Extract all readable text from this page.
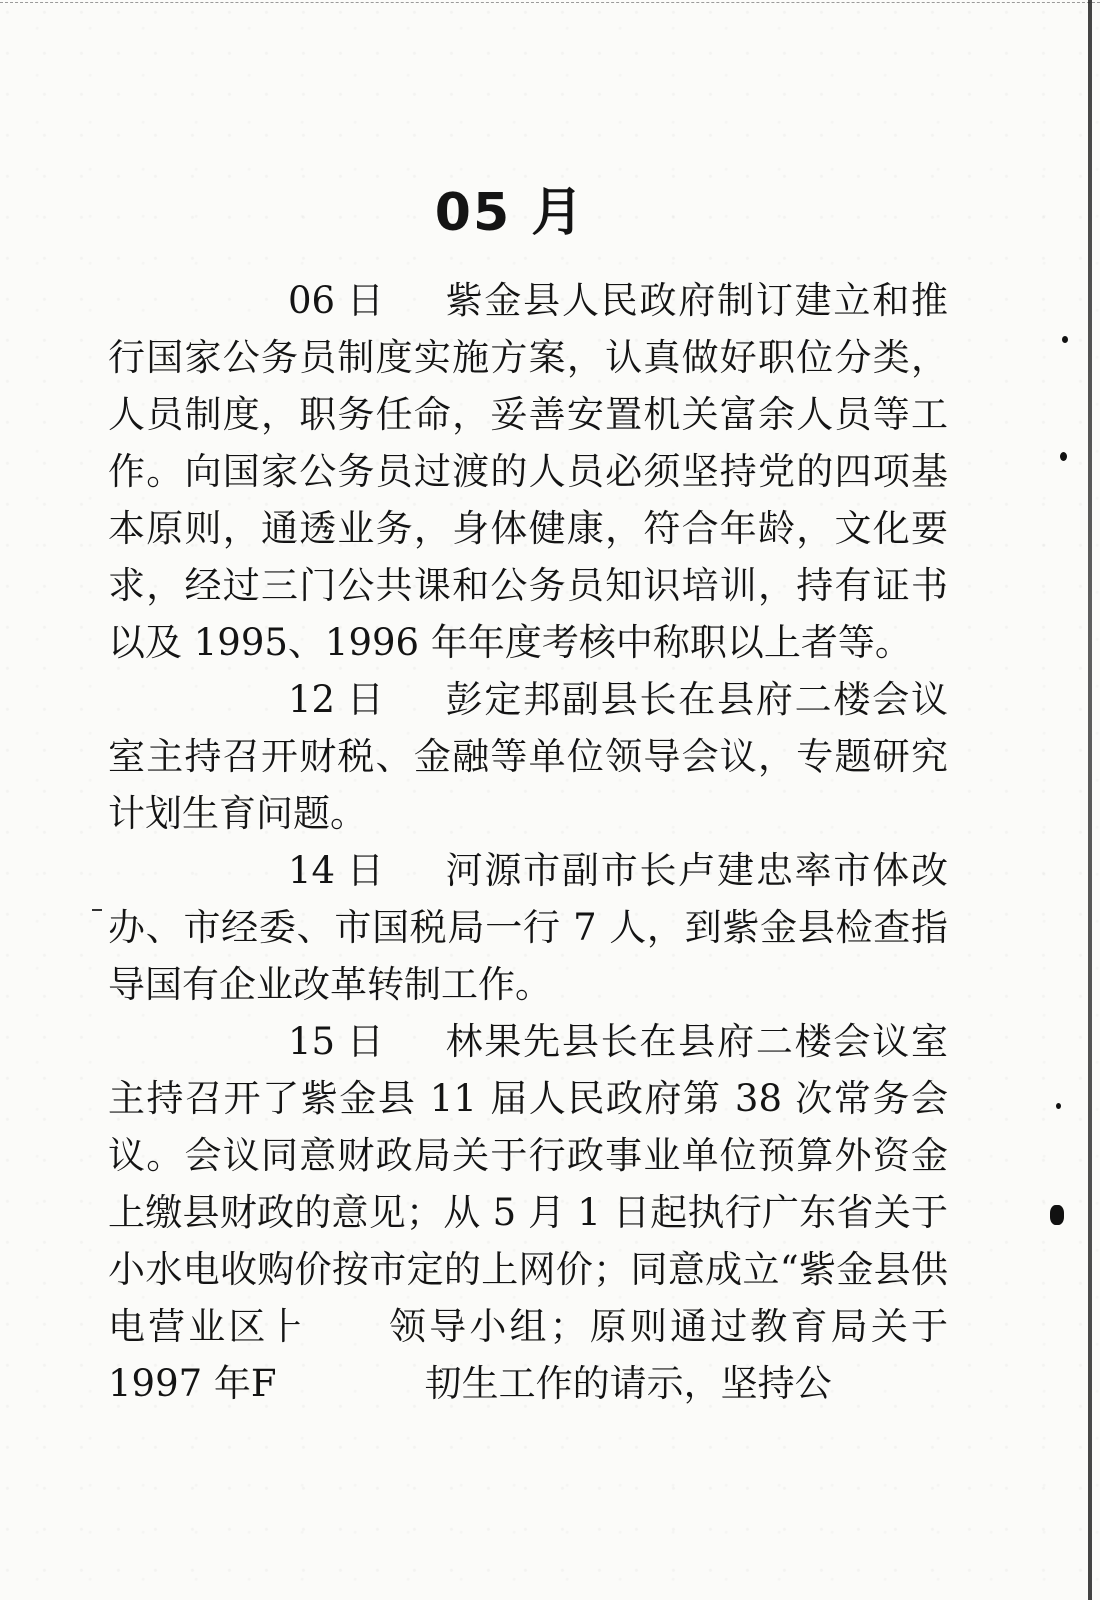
05 月

06 日 紫金县人民政府制订建立和推行国家公务员制度实施方案，认真做好职位分类，人员制度，职务任命，妥善安置机关富余人员等工作。向国家公务员过渡的人员必须坚持党的四项基本原则，通透业务，身体健康，符合年龄，文化要求，经过三门公共课和公务员知识培训，持有证书以及 1995、1996 年年度考核中称职以上者等。

12 日 彭定邦副县长在县府二楼会议室主持召开财税、金融等单位领导会议，专题研究计划生育问题。

14 日 河源市副市长卢建忠率市体改办、市经委、市国税局一行 7 人，到紫金县检查指导国有企业改革转制工作。

15 日 林果先县长在县府二楼会议室主持召开了紫金县 11 届人民政府第 38 次常务会议。会议同意财政局关于行政事业单位预算外资金上缴县财政的意见；从 5 月 1 日起执行广东省关于小水电收购价按市定的上网价；同意成立“紫金县供电营业区⺊　　领导小组；原则通过教育局关于 1997 年F　　　　㓞生工作的请示，坚持公
